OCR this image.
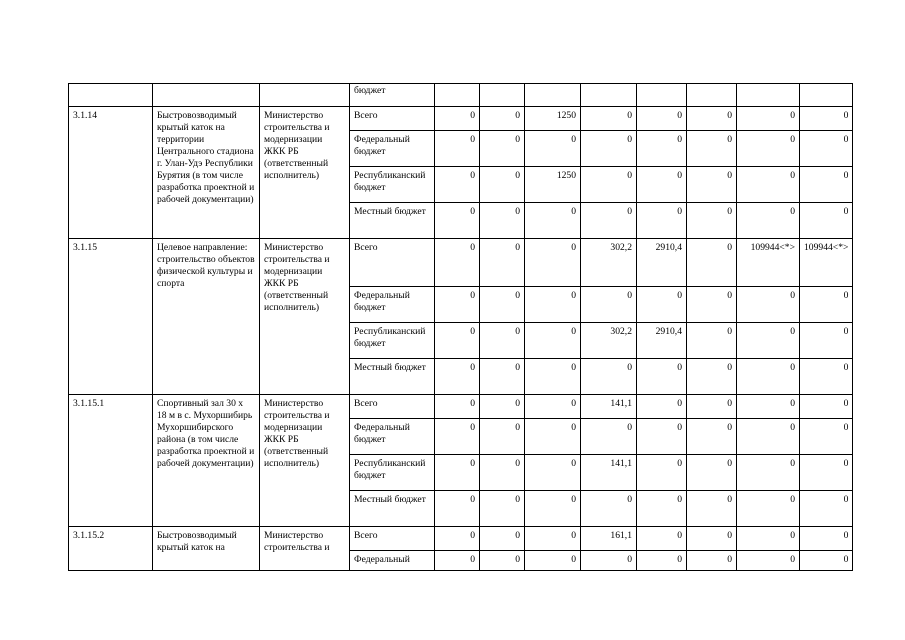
			бюджет								
3.1.14	Быстровозводимый крытый каток на территории Центрального стадиона г. Улан-Удэ Республики Бурятия (в том числе разработка проектной и рабочей документации)	Министерство строительства и модернизации ЖКК РБ (ответственный исполнитель)	Всего	0	0	1250	0	0	0	0	0
			Федеральный бюджет	0	0	0	0	0	0	0	0
			Республиканский бюджет	0	0	1250	0	0	0	0	0
			Местный бюджет	0	0	0	0	0	0	0	0
3.1.15	Целевое направление: строительство объектов физической культуры и спорта	Министерство строительства и модернизации ЖКК РБ (ответственный исполнитель)	Всего	0	0	0	302,2	2910,4	0	109944<*>	109944<*>
			Федеральный бюджет	0	0	0	0	0	0	0	0
			Республиканский бюджет	0	0	0	302,2	2910,4	0	0	0
			Местный бюджет	0	0	0	0	0	0	0	0
3.1.15.1	Спортивный зал 30 x 18 м в с. Мухоршибирь Мухоршибирского района (в том числе разработка проектной и рабочей документации)	Министерство строительства и модернизации ЖКК РБ (ответственный исполнитель)	Всего	0	0	0	141,1	0	0	0	0
			Федеральный бюджет	0	0	0	0	0	0	0	0
			Республиканский бюджет	0	0	0	141,1	0	0	0	0
			Местный бюджет	0	0	0	0	0	0	0	0
3.1.15.2	Быстровозводимый крытый каток на	Министерство строительства и	Всего	0	0	0	161,1	0	0	0	0
			Федеральный	0	0	0	0	0	0	0	0
